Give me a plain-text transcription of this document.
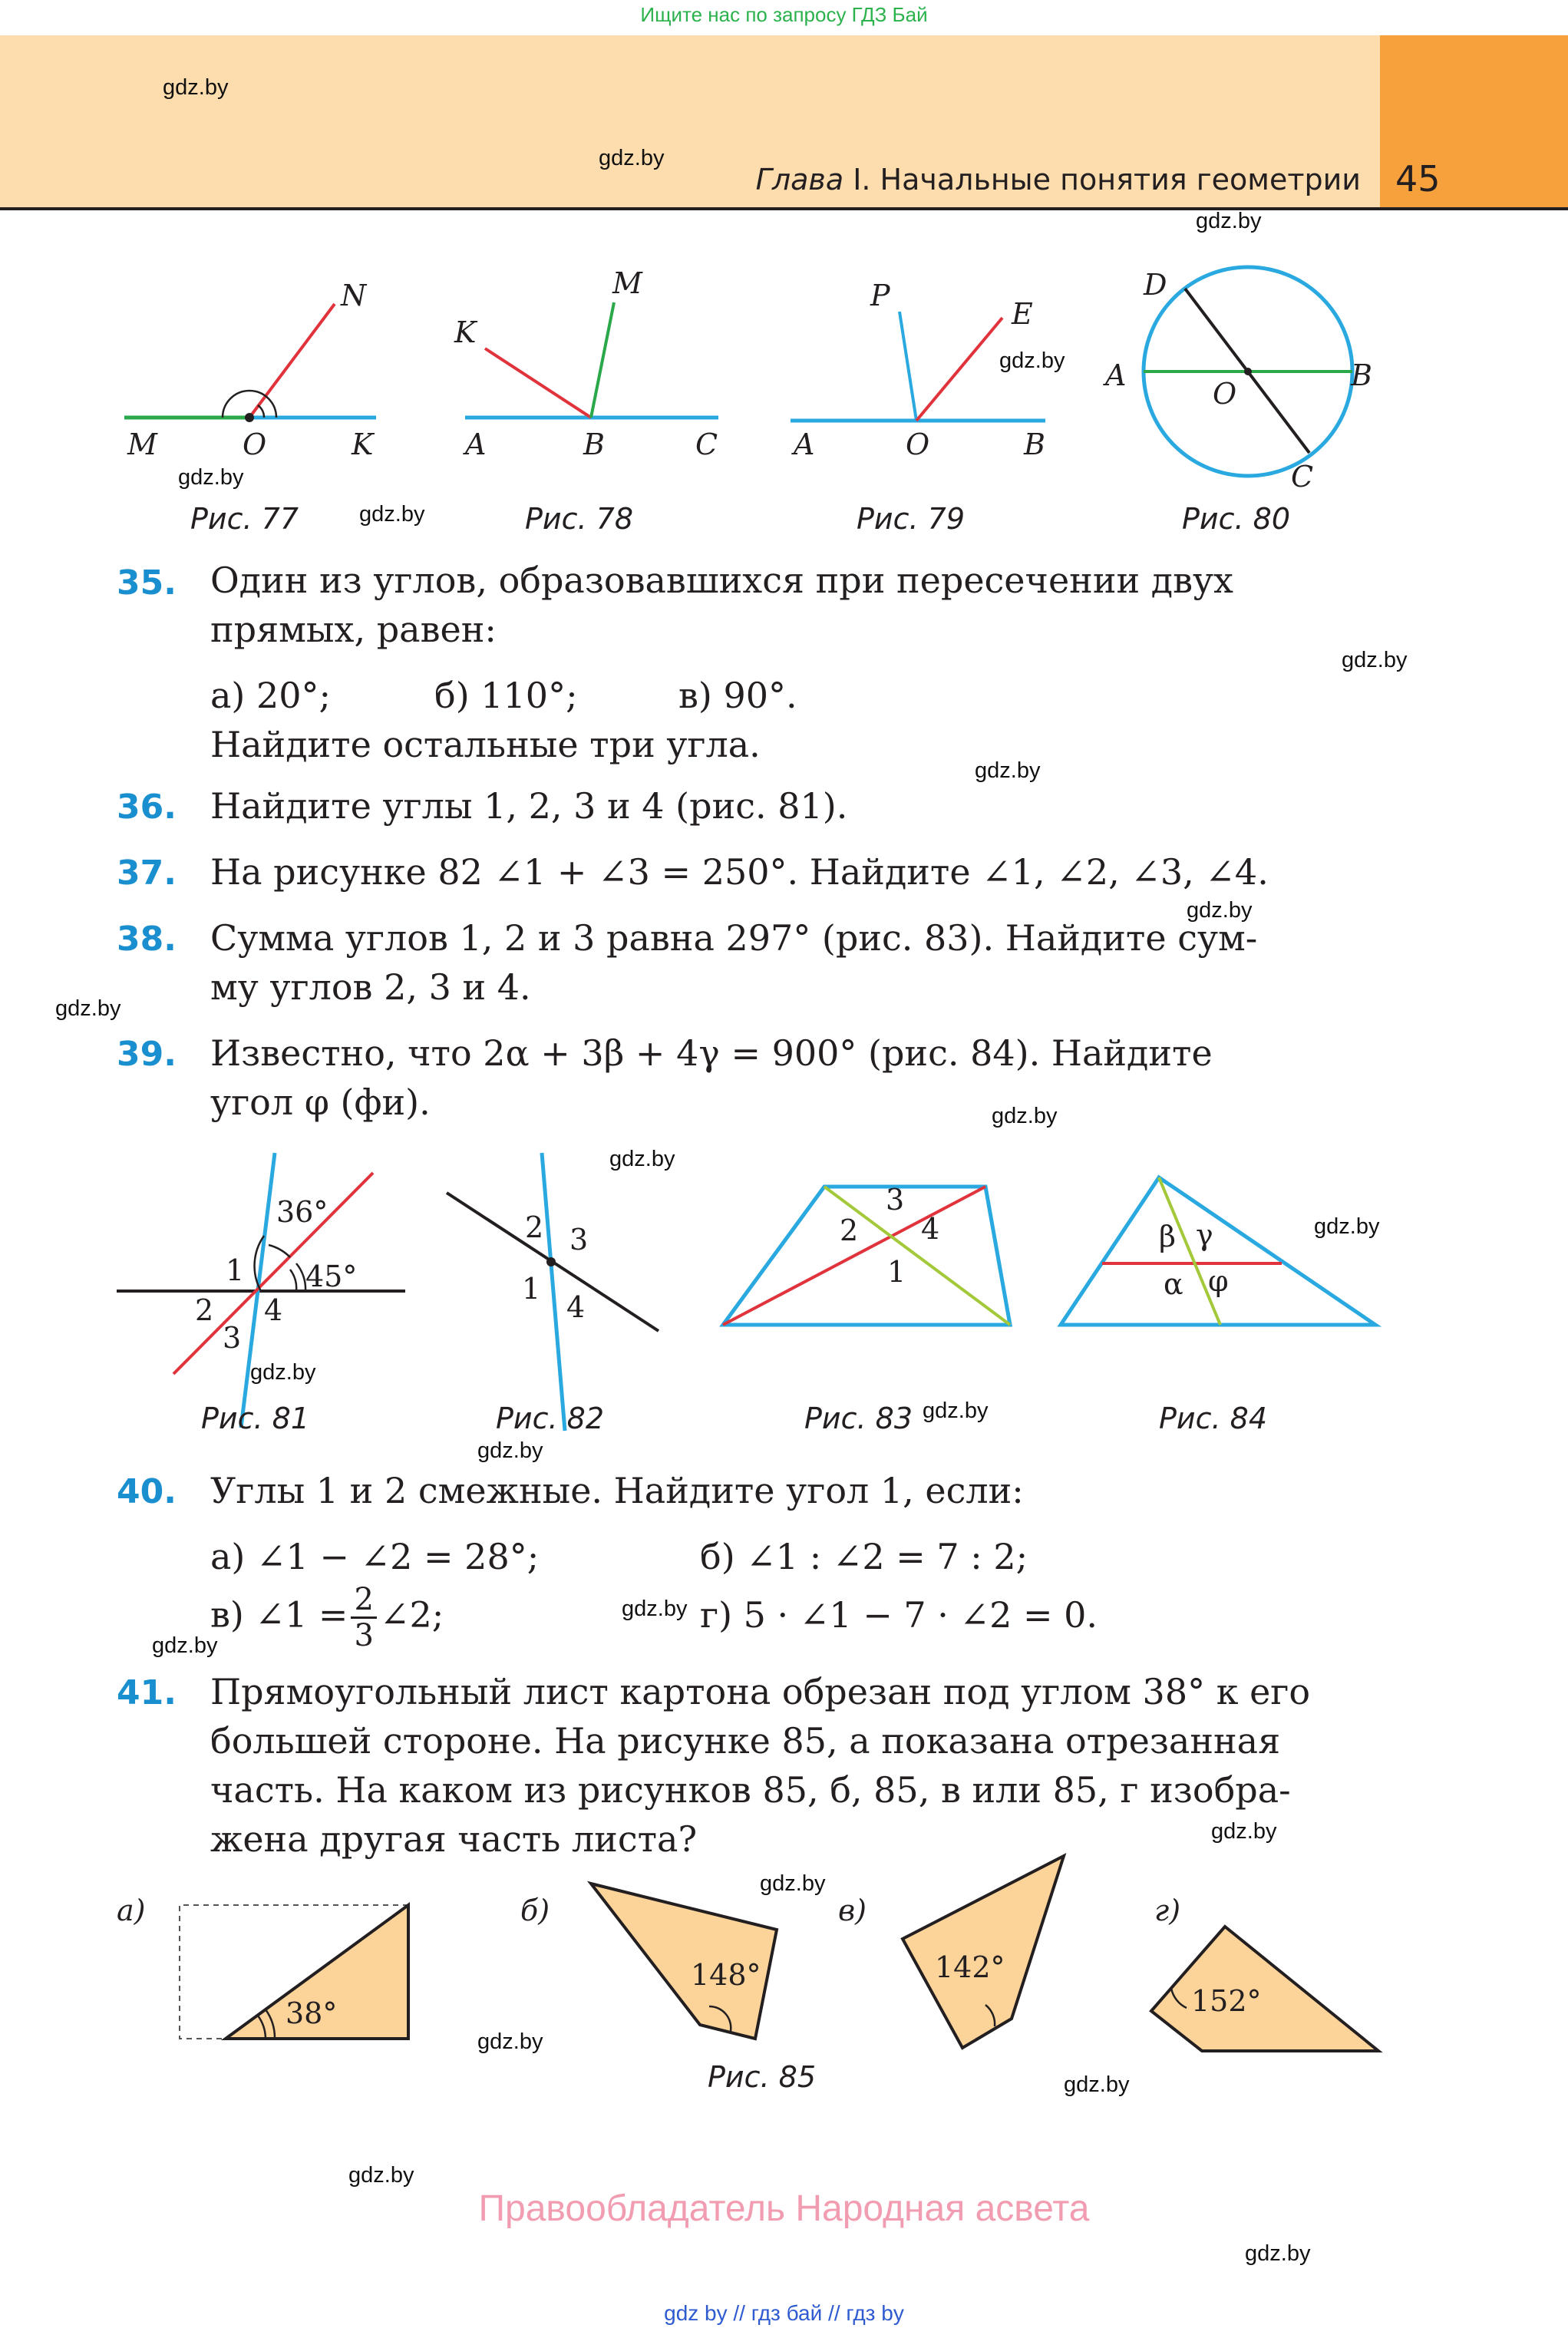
Ищите нас по запросу ГДЗ Бай
Глава I. Начальные понятия геометрии 45
gdz.by
gdz.by
gdz.by
gdz.by
gdz.by
gdz.by
gdz.by
gdz.by
gdz.by
gdz.by
gdz.by
gdz.by
gdz.by
gdz.by
gdz.by
gdz.by
gdz.by
gdz.by
gdz.by
gdz.by
gdz.by
gdz.by
gdz.by
gdz.by
N
M	O	K
K
M
A	B	C
P
E
A	O	B
D
A
O
B
C
Рис. 77	Рис. 78	Рис. 79	Рис. 80
35. Один из углов, образовавшихся при пересечении двух
прямых, равен:
а) 20°;	б) 110°;	в) 90°.
Найдите остальные три угла.
36. Найдите углы 1, 2, 3 и 4 (рис. 81).
37. На рисунке 82 ∠1 + ∠3 = 250°. Найдите ∠1, ∠2, ∠3, ∠4.
38. Сумма углов 1, 2 и 3 равна 297° (рис. 83). Найдите сум-
му углов 2, 3 и 4.
39. Известно, что 2α + 3β + 4γ = 900° (рис. 84). Найдите
угол φ (фи).
36°
1 45°
2 4
3
2 3
1
4
3
2 4
1
β γ
α φ
Рис. 81	Рис. 82	Рис. 83	Рис. 84
40. Углы 1 и 2 смежные. Найдите угол 1, если:
а) ∠1 − ∠2 = 28°;	б) ∠1 : ∠2 = 7 : 2;
в) ∠1 = $\frac{2}{3}$ ∠2;	г) 5 · ∠1 − 7 · ∠2 = 0.
41. Прямоугольный лист картона обрезан под углом 38° к его
большей стороне. На рисунке 85, а показана отрезанная
часть. На каком из рисунков 85, б, 85, в или 85, г изобра-
жена другая часть листа?
а)
38°
б)
148°
в)
142°
г)
152°
Рис. 85
Правообладатель Народная асвета
gdz by // гдз бай // гдз by
